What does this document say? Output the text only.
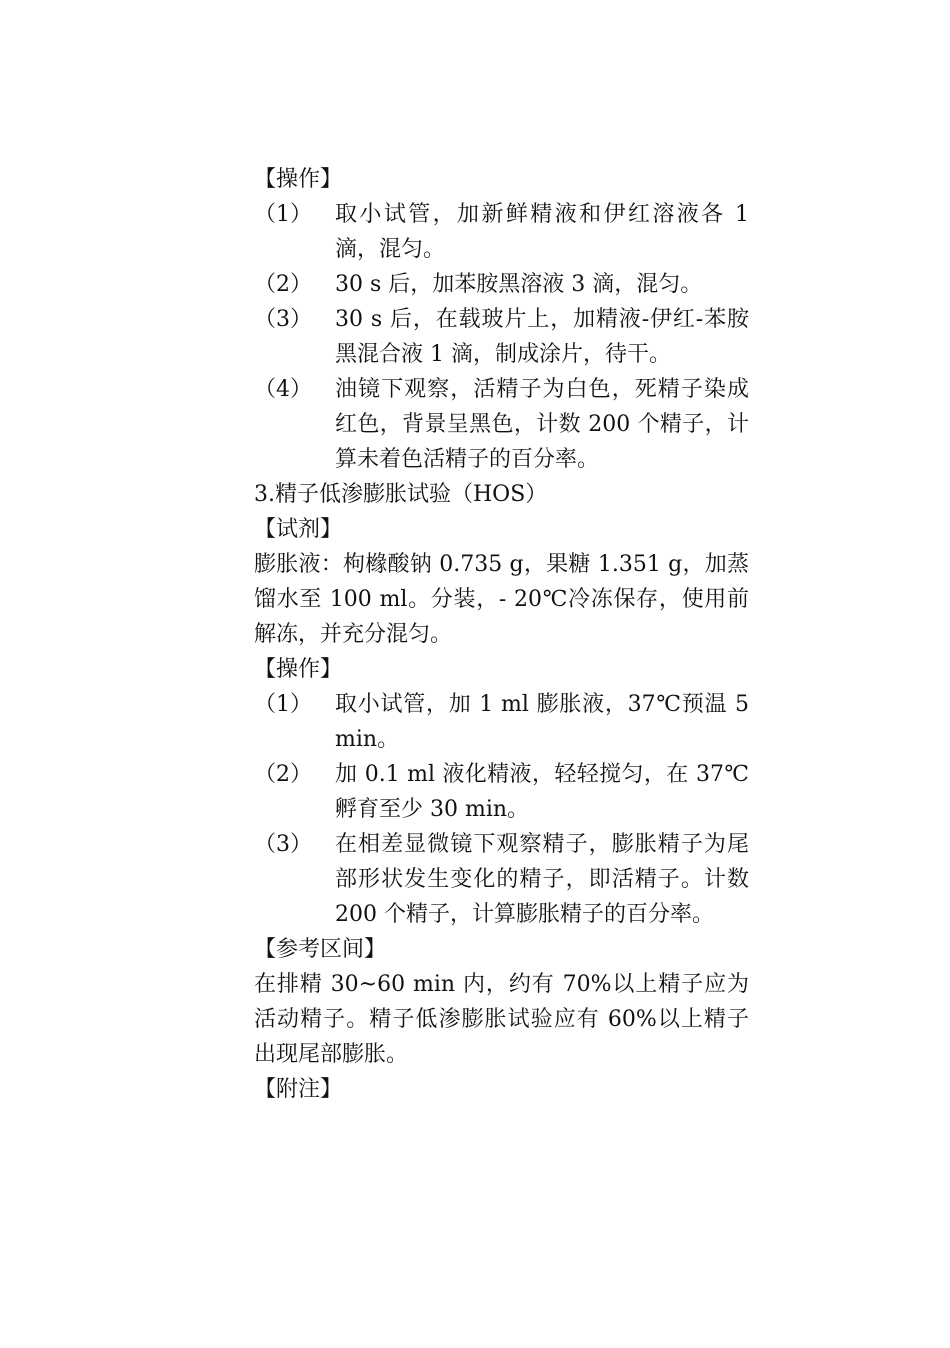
【操作】

（1）	取小试管，加新鲜精液和伊红溶液各 1 滴，混匀。
（2）	30 s 后，加苯胺黑溶液 3 滴，混匀。
（3）	30 s 后，在载玻片上，加精液-伊红-苯胺黑混合液 1 滴，制成涂片，待干。
（4）	油镜下观察，活精子为白色，死精子染成红色，背景呈黑色，计数 200 个精子，计算未着色活精子的百分率。

3.精子低渗膨胀试验（HOS）

【试剂】

膨胀液：枸橼酸钠 0.735 g，果糖 1.351 g，加蒸馏水至 100 ml。分装，- 20℃冷冻保存，使用前解冻，并充分混匀。

【操作】

（1）	取小试管，加 1 ml 膨胀液，37℃预温 5 min。
（2）	加 0.1 ml 液化精液，轻轻搅匀，在 37℃孵育至少 30 min。
（3）	在相差显微镜下观察精子，膨胀精子为尾部形状发生变化的精子，即活精子。计数 200 个精子，计算膨胀精子的百分率。

【参考区间】

在排精 30~60 min 内，约有 70%以上精子应为活动精子。精子低渗膨胀试验应有 60%以上精子出现尾部膨胀。

【附注】
